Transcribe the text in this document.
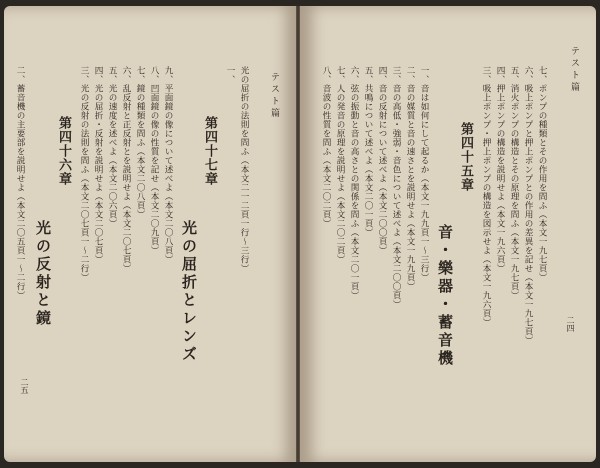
テスト篇
二五
光の屈折の法則を問ふ（本文二一二頁一行〜三行）
一、
第四十七章
光の屈折とレンズ
九、平面鏡の像について述べよ（本文二〇八頁）
八、凹面鏡の像の性質を記せ（本文二〇九頁）
七、鏡の種類を問ふ（本文二〇八頁）
六、乱反射と正反射とを説明せよ（本文二〇七頁）
五、光の速度を述べよ（本文二〇六頁）
四、光の屈折・反射を説明せよ（本文二〇七頁）
三、光の反射の法則を問ふ（本文二〇七頁一〜二行）
第四十六章
光の反射と鏡
二、蓄音機の主要部を説明せよ（本文二〇五頁一〜二行）	テスト篇
二四
七、ポンプの種類とその作用を問ふ（本文一九七頁）
六、吸上ポンプと押上ポンプとの作用の差異を記せ（本文一九七頁）
五、消火ポンプの構造とその原理を問ふ（本文一九七頁）
四、押上ポンプの構造を説明せよ（本文一九六頁）
三、吸上ポンプ・押上ポンプの構造を図示せよ（本文一九六頁）
第四十五章
音・樂器・蓄音機
一、音は如何にして起るか（本文一九九頁一〜三行）
二、音の媒質と音の速さとを説明せよ（本文一九九頁）
三、音の高低・強弱・音色について述べよ（本文二〇〇頁）
四、音の反射について述べよ（本文二〇〇頁）
五、共鳴について述べよ（本文二〇一頁）
六、弦の振動と音の高さとの関係を問ふ（本文二〇一頁）
七、人の発音の原理を説明せよ（本文二〇二頁）
八、音波の性質を問ふ（本文二〇二頁）
